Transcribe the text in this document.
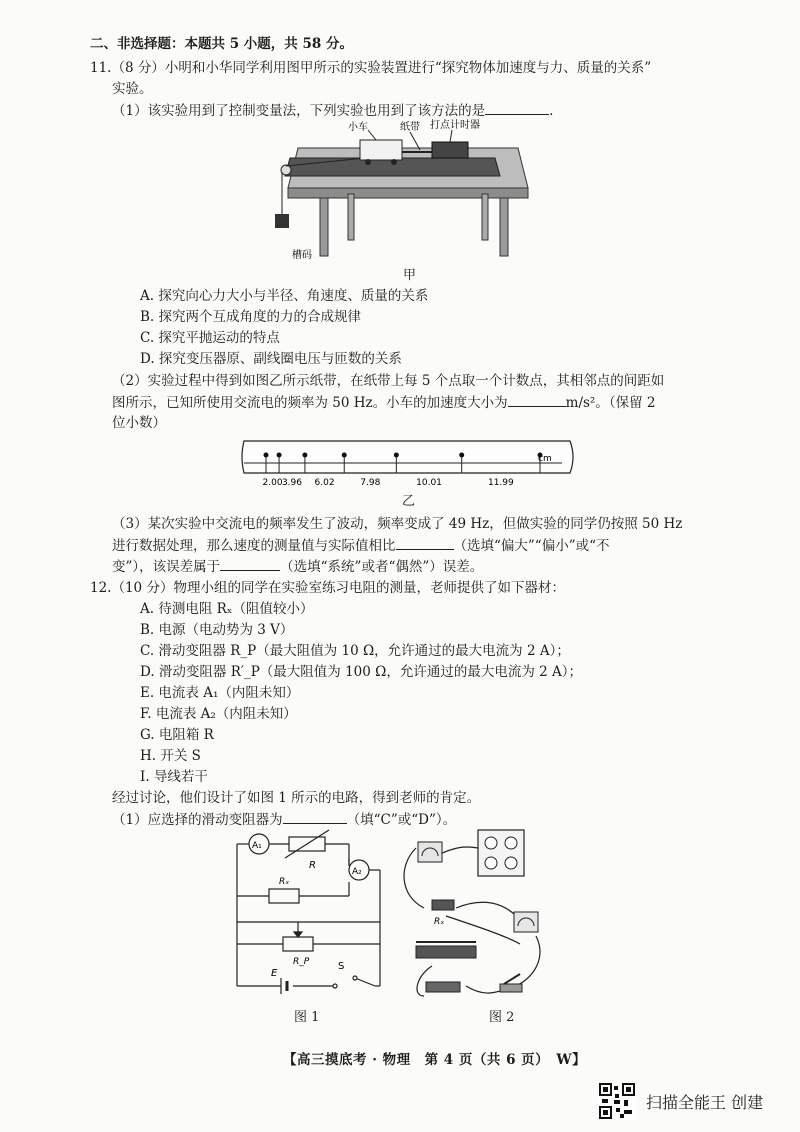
二、非选择题：本题共 5 小题，共 58 分。
11.（8 分）小明和小华同学利用图甲所示的实验装置进行“探究物体加速度与力、质量的关系”
实验。
（1）该实验用到了控制变量法，下列实验也用到了该方法的是	.
小车	纸带 打点计时器
槽码
甲
A. 探究向心力大小与半径、角速度、质量的关系
B. 探究两个互成角度的力的合成规律
C. 探究平抛运动的特点
D. 探究变压器原、副线圈电压与匝数的关系
（2）实验过程中得到如图乙所示纸带，在纸带上每 5 个点取一个计数点，其相邻点的间距如
图所示，已知所使用交流电的频率为 50 Hz。小车的加速度大小为	m/s²。（保留 2
位小数）
cm
2.00 3.96 6.02	7.98	10.01	11.99
乙
（3）某次实验中交流电的频率发生了波动，频率变成了 49 Hz，但做实验的同学仍按照 50 Hz
进行数据处理，那么速度的测量值与实际值相比	（选填“偏大”“偏小”或“不
变”），该误差属于	（选填“系统”或者“偶然”）误差。
12.（10 分）物理小组的同学在实验室练习电阻的测量，老师提供了如下器材：
A. 待测电阻 Rₓ（阻值较小）
B. 电源（电动势为 3 V）
C. 滑动变阻器 R_P（最大阻值为 10 Ω，允许通过的最大电流为 2 A）；
D. 滑动变阻器 R′_P（最大阻值为 100 Ω，允许通过的最大电流为 2 A）；
E. 电流表 A₁（内阻未知）
F. 电流表 A₂（内阻未知）
G. 电阻箱 R
H. 开关 S
I. 导线若干
经过讨论，他们设计了如图 1 所示的电路，得到老师的肯定。
（1）应选择的滑动变阻器为	（填“C”或“D”）。
A₁
A₂
R
Rₓ
R_P
E
S
图 1
Rₓ
图 2
【高三摸底考 · 物理　第 4 页（共 6 页）　W】
扫描全能王 创建
